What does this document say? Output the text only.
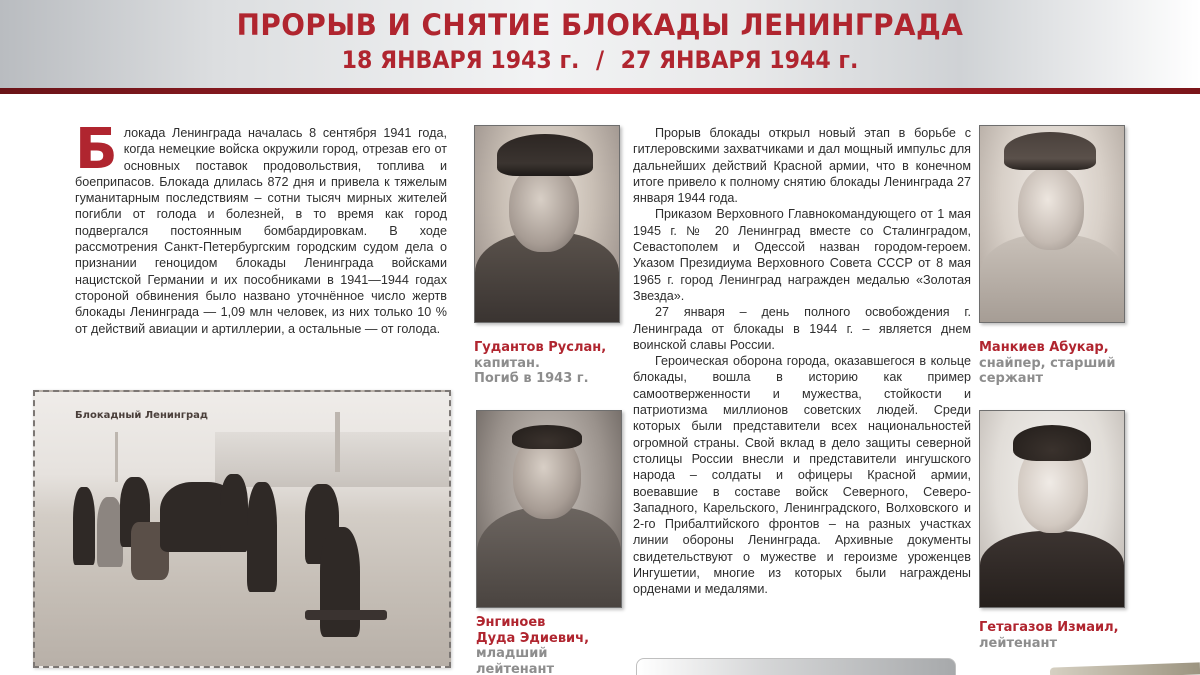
ПРОРЫВ И СНЯТИЕ БЛОКАДЫ ЛЕНИНГРАДА
18 ЯНВАРЯ 1943 г. / 27 ЯНВАРЯ 1944 г.
Б локада Ленинграда началась 8 сентября 1941 года, когда немецкие войска окружили город, отрезав его от основных поставок продовольствия, топлива и боеприпасов. Блокада длилась 872 дня и привела к тяжелым гуманитарным последствиям – сотни тысяч мирных жителей погибли от голода и болезней, в то время как город подвергался постоянным бомбардировкам. В ходе рассмотрения Санкт-Петербургским городским судом дела о признании геноцидом блокады Ленинграда войсками нацистской Германии и их пособниками в 1941—1944 годах стороной обвинения было названо уточнённое число жертв блокады Ленинграда — 1,09 млн человек, из них только 10 % от действий авиации и артиллерии, а остальные — от голода.
Блокадный Ленинград
Гудантов Руслан,
капитан.
Погиб в 1943 г.
Энгиноев
Дуда Эдиевич,
младший
лейтенант

Прорыв блокады открыл новый этап в борьбе с гитлеровскими захватчиками и дал мощный импульс для дальнейших действий Красной армии, что в конечном итоге привело к полному снятию блокады Ленинграда 27 января 1944 года.

Приказом Верховного Главнокомандующего от 1 мая 1945 г. № 20 Ленинград вместе со Сталинградом, Севастополем и Одессой назван городом-героем. Указом Президиума Верховного Совета СССР от 8 мая 1965 г. город Ленинград награжден медалью «Золотая Звезда».

27 января – день полного освобождения г. Ленинграда от блокады в 1944 г. – является днем воинской славы России.

Героическая оборона города, оказавшегося в кольце блокады, вошла в историю как пример самоотверженности и мужества, стойкости и патриотизма миллионов советских людей. Среди которых были представители всех национальностей огромной страны. Свой вклад в дело защиты северной столицы России внесли и представители ингушского народа – солдаты и офицеры Красной армии, воевавшие в составе войск Северного, Северо-Западного, Карельского, Ленинградского, Волховского и 2-го Прибалтийского фронтов – на разных участках линии обороны Ленинграда. Архивные документы свидетельствуют о мужестве и героизме уроженцев Ингушетии, многие из которых были награждены орденами и медалями.

Манкиев Абукар,
снайпер, старший
сержант
Гетагазов Измаил,
лейтенант
